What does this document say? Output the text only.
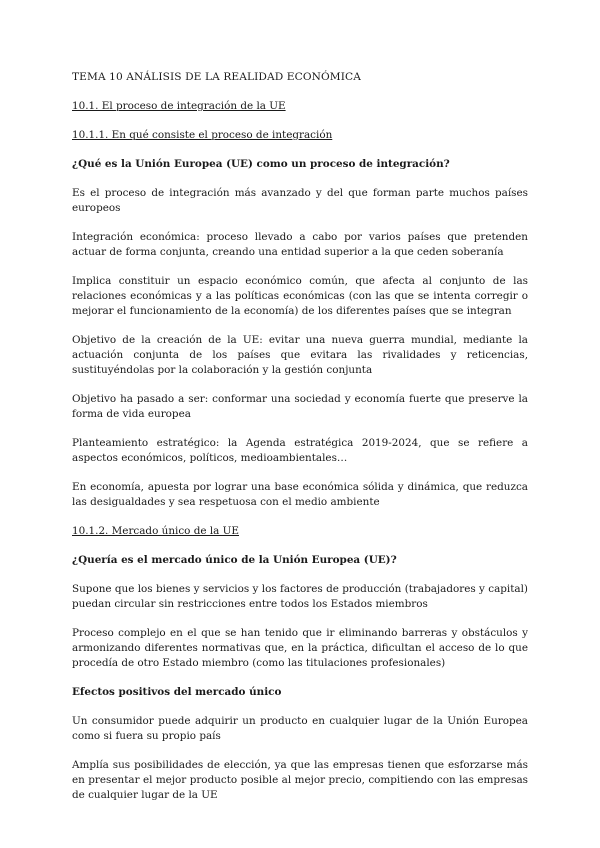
TEMA 10 ANÁLISIS DE LA REALIDAD ECONÓMICA

10.1. El proceso de integración de la UE

10.1.1. En qué consiste el proceso de integración

¿Qué es la Unión Europea (UE) como un proceso de integración?

Es el proceso de integración más avanzado y del que forman parte muchos países europeos

Integración económica: proceso llevado a cabo por varios países que pretenden actuar de forma conjunta, creando una entidad superior a la que ceden soberanía

Implica constituir un espacio económico común, que afecta al conjunto de las relaciones económicas y a las políticas económicas (con las que se intenta corregir o mejorar el funcionamiento de la economía) de los diferentes países que se integran

Objetivo de la creación de la UE: evitar una nueva guerra mundial, mediante la actuación conjunta de los países que evitara las rivalidades y reticencias, sustituyéndolas por la colaboración y la gestión conjunta

Objetivo ha pasado a ser: conformar una sociedad y economía fuerte que preserve la forma de vida europea

Planteamiento estratégico: la Agenda estratégica 2019-2024, que se refiere a aspectos económicos, políticos, medioambientales…

En economía, apuesta por lograr una base económica sólida y dinámica, que reduzca las desigualdades y sea respetuosa con el medio ambiente

10.1.2. Mercado único de la UE

¿Quería es el mercado único de la Unión Europea (UE)?

Supone que los bienes y servicios y los factores de producción (trabajadores y capital) puedan circular sin restricciones entre todos los Estados miembros

Proceso complejo en el que se han tenido que ir eliminando barreras y obstáculos y armonizando diferentes normativas que, en la práctica, dificultan el acceso de lo que procedía de otro Estado miembro (como las titulaciones profesionales)

Efectos positivos del mercado único

Un consumidor puede adquirir un producto en cualquier lugar de la Unión Europea como si fuera su propio país

Amplía sus posibilidades de elección, ya que las empresas tienen que esforzarse más en presentar el mejor producto posible al mejor precio, compitiendo con las empresas de cualquier lugar de la UE
